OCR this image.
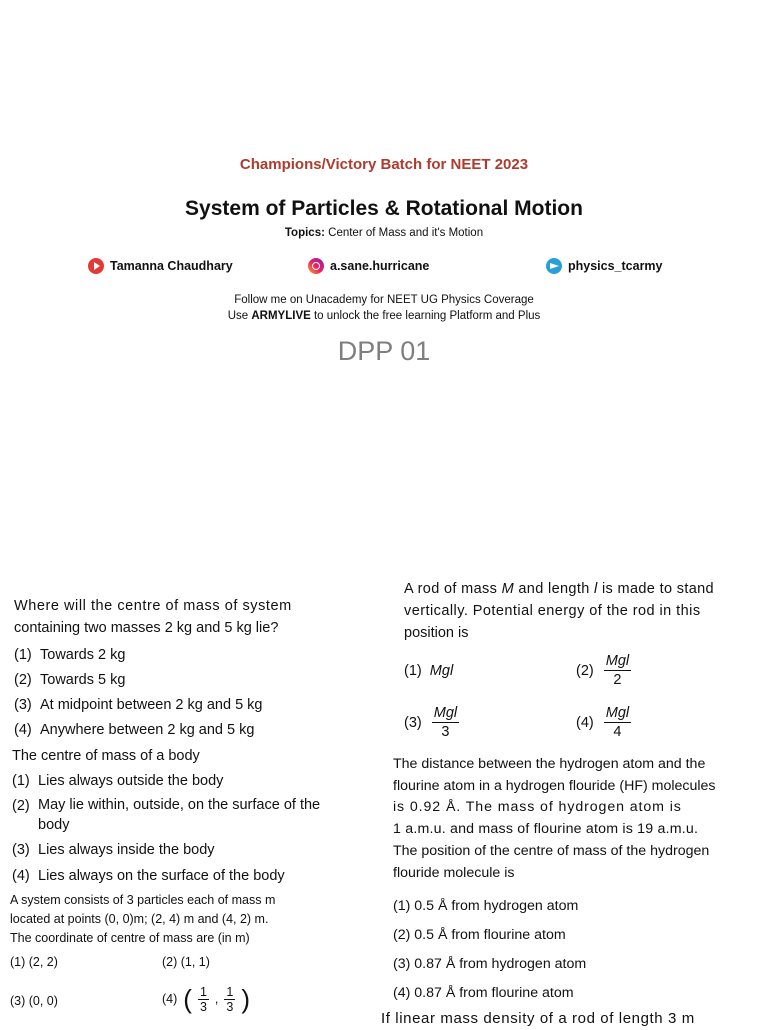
Champions/Victory Batch for NEET 2023
System of Particles & Rotational Motion
Topics: Center of Mass and it's Motion
Tamanna Chaudhary	a.sane.hurricane	physics_tcarmy
Follow me on Unacademy for NEET UG Physics Coverage
Use ARMYLIVE to unlock the free learning Platform and Plus
DPP 01

Where will the centre of mass of system

containing two masses 2 kg and 5 kg lie?

(1) Towards 2 kg
(2) Towards 5 kg
(3) At midpoint between 2 kg and 5 kg
(4) Anywhere between 2 kg and 5 kg

The centre of mass of a body

(1) Lies always outside the body
(2) May lie within, outside, on the surface of the body
(3) Lies always inside the body
(4) Lies always on the surface of the body

A system consists of 3 particles each of mass m

located at points (0, 0)m; (2, 4) m and (4, 2) m.

The coordinate of centre of mass are (in m)

(1) (2, 2)	(2) (1, 1)
(3) (0, 0)	(4) ( $\frac{1}{3}$ , $\frac{1}{3}$ )

A rod of mass M and length l is made to stand

vertically. Potential energy of the rod in this

position is

(1) Mgl	$(2) \frac{\text{Mgl}}{2}$
$(3) \frac{\text{Mgl}}{3}$	$(4) \frac{\text{Mgl}}{4}$

The distance between the hydrogen atom and the

flourine atom in a hydrogen flouride (HF) molecules

is 0.92 Å. The mass of hydrogen atom is

1 a.m.u. and mass of flourine atom is 19 a.m.u.

The position of the centre of mass of the hydrogen

flouride molecule is

(1) 0.5 Å from hydrogen atom
(2) 0.5 Å from flourine atom
(3) 0.87 Å from hydrogen atom
(4) 0.87 Å from flourine atom
If linear mass density of a rod of length 3 m
